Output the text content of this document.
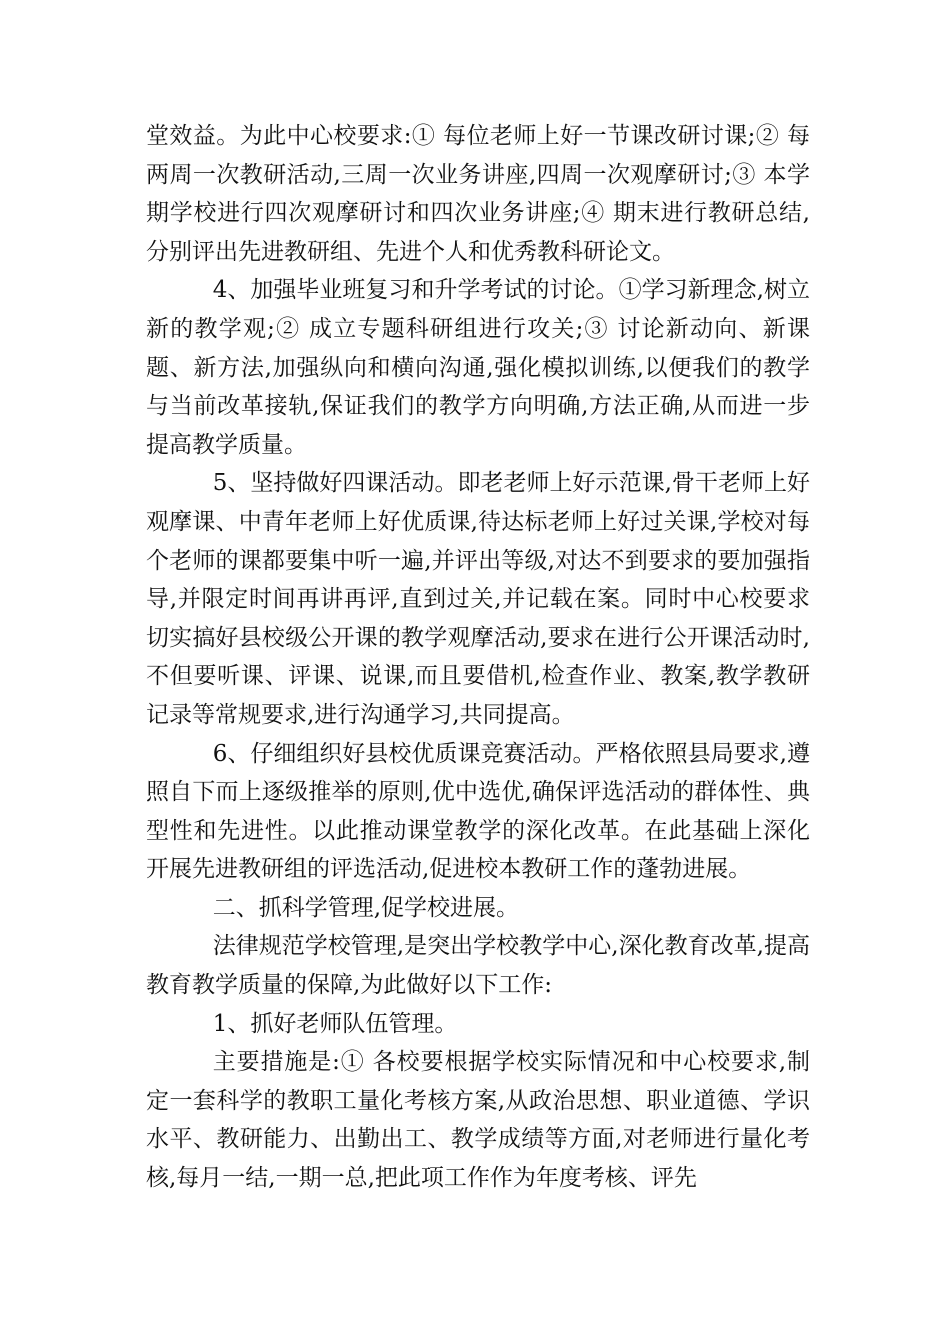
堂效益。为此中心校要求:① 每位老师上好一节课改研讨课;② 每两周一次教研活动,三周一次业务讲座,四周一次观摩研讨;③ 本学期学校进行四次观摩研讨和四次业务讲座;④ 期末进行教研总结,分别评出先进教研组、先进个人和优秀教科研论文。

4、加强毕业班复习和升学考试的讨论。①学习新理念,树立新的教学观;② 成立专题科研组进行攻关;③ 讨论新动向、新课题、新方法,加强纵向和横向沟通,强化模拟训练,以便我们的教学与当前改革接轨,保证我们的教学方向明确,方法正确,从而进一步提高教学质量。

5、坚持做好四课活动。即老老师上好示范课,骨干老师上好观摩课、中青年老师上好优质课,待达标老师上好过关课,学校对每个老师的课都要集中听一遍,并评出等级,对达不到要求的要加强指导,并限定时间再讲再评,直到过关,并记载在案。同时中心校要求切实搞好县校级公开课的教学观摩活动,要求在进行公开课活动时,不但要听课、评课、说课,而且要借机,检查作业、教案,教学教研记录等常规要求,进行沟通学习,共同提高。

6、仔细组织好县校优质课竞赛活动。严格依照县局要求,遵照自下而上逐级推举的原则,优中选优,确保评选活动的群体性、典型性和先进性。以此推动课堂教学的深化改革。在此基础上深化开展先进教研组的评选活动,促进校本教研工作的蓬勃进展。

二、抓科学管理,促学校进展。

法律规范学校管理,是突出学校教学中心,深化教育改革,提高教育教学质量的保障,为此做好以下工作:

1、抓好老师队伍管理。

主要措施是:① 各校要根据学校实际情况和中心校要求,制定一套科学的教职工量化考核方案,从政治思想、职业道德、学识水平、教研能力、出勤出工、教学成绩等方面,对老师进行量化考核,每月一结,一期一总,把此项工作作为年度考核、评先
